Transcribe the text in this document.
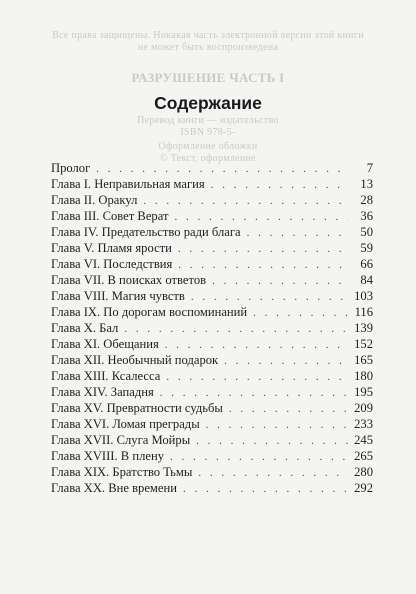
Все права защищены. Никакая часть электронной версии этой книги
не может быть воспроизведена
РАЗРУШЕНИЕ ЧАСТЬ I
Перевод книги — издательство
ISBN 978-5-
Оформление обложки
© Текст, оформление
Содержание
Пролог . . .	7
Глава I. Неправильная магия . . .	13
Глава II. Оракул . . .	28
Глава III. Совет Верат . . .	36
Глава IV. Предательство ради блага . . .	50
Глава V. Пламя ярости . . .	59
Глава VI. Последствия . . .	66
Глава VII. В поисках ответов . . .	84
Глава VIII. Магия чувств . . .	103
Глава IX. По дорогам воспоминаний . . .	116
Глава X. Бал . . .	139
Глава XI. Обещания . . .	152
Глава XII. Необычный подарок . . .	165
Глава XIII. Ксалесса . . .	180
Глава XIV. Западня . . .	195
Глава XV. Превратности судьбы . . .	209
Глава XVI. Ломая преграды . . .	233
Глава XVII. Слуга Мойры . . .	245
Глава XVIII. В плену . . .	265
Глава XIX. Братство Тьмы . . .	280
Глава XX. Вне времени . . .	292
